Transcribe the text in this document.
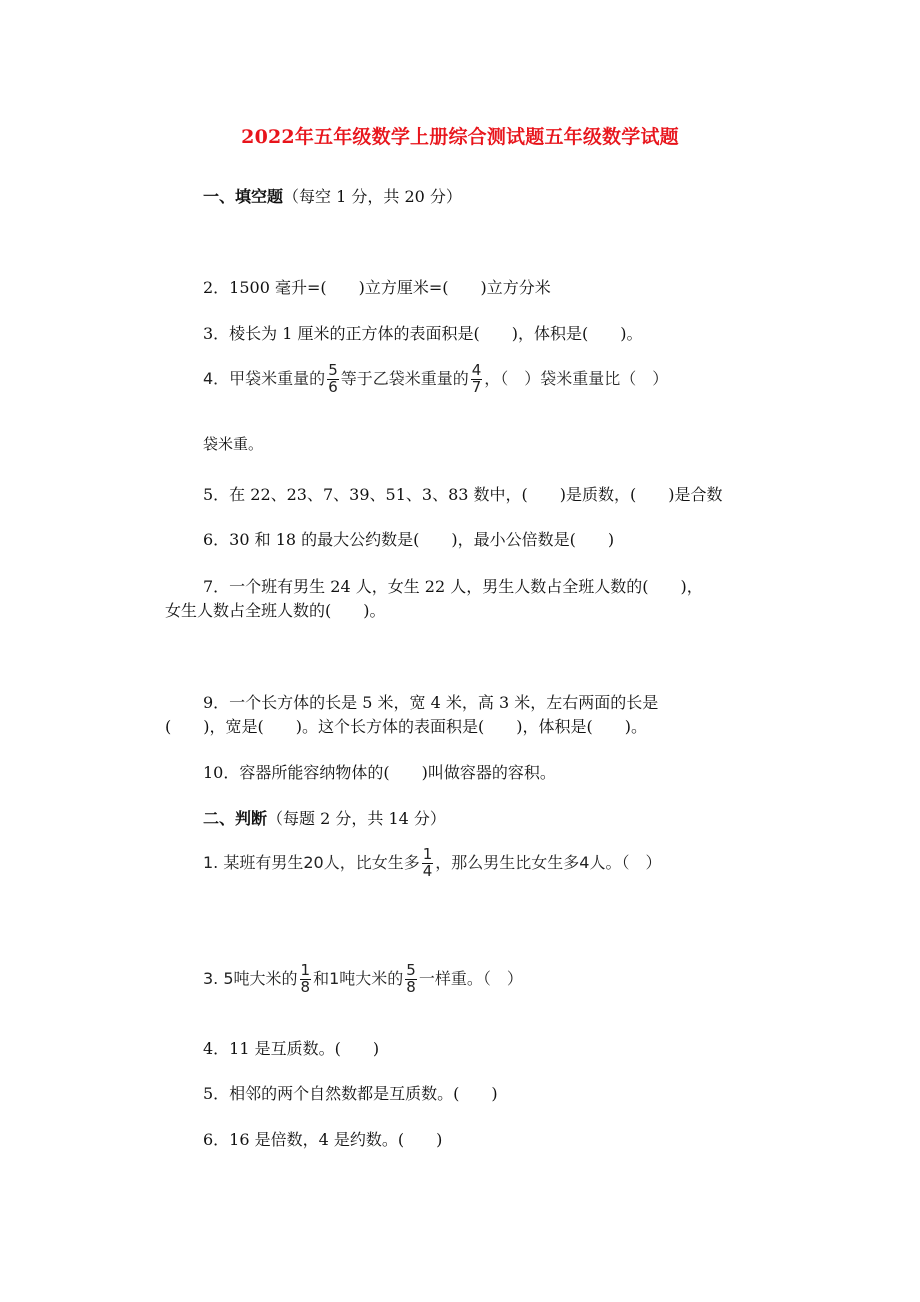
2022年五年级数学上册综合测试题五年级数学试题
一、填空题（每空 1 分，共 20 分）
2．1500 毫升=(　　)立方厘米=(　　)立方分米
3．棱长为 1 厘米的正方体的表面积是(　　)，体积是(　　)。
4．甲袋米重量的 $\frac{5}{6}$ 等于乙袋米重量的 $\frac{4}{7}$ ，（　）袋米重量比（　）
袋米重。
5．在 22、23、7、39、51、3、83 数中，(　　)是质数，(　　)是合数
6．30 和 18 的最大公约数是(　　)，最小公倍数是(　　)
7．一个班有男生 24 人，女生 22 人，男生人数占全班人数的(　　)，
女生人数占全班人数的(　　)。
9．一个长方体的长是 5 米，宽 4 米，高 3 米，左右两面的长是
(　　)，宽是(　　)。这个长方体的表面积是(　　)，体积是(　　)。
10．容器所能容纳物体的(　　)叫做容器的容积。
二、判断（每题 2 分，共 14 分）
1. 某班有男生20人，比女生多 $\frac{1}{4}$ ，那么男生比女生多4人。（　）
3. 5吨大米的 $\frac{1}{8}$ 和1吨大米的 $\frac{5}{8}$ 一样重。（　）
4．11 是互质数。(　　)
5．相邻的两个自然数都是互质数。(　　)
6．16 是倍数，4 是约数。(　　)
